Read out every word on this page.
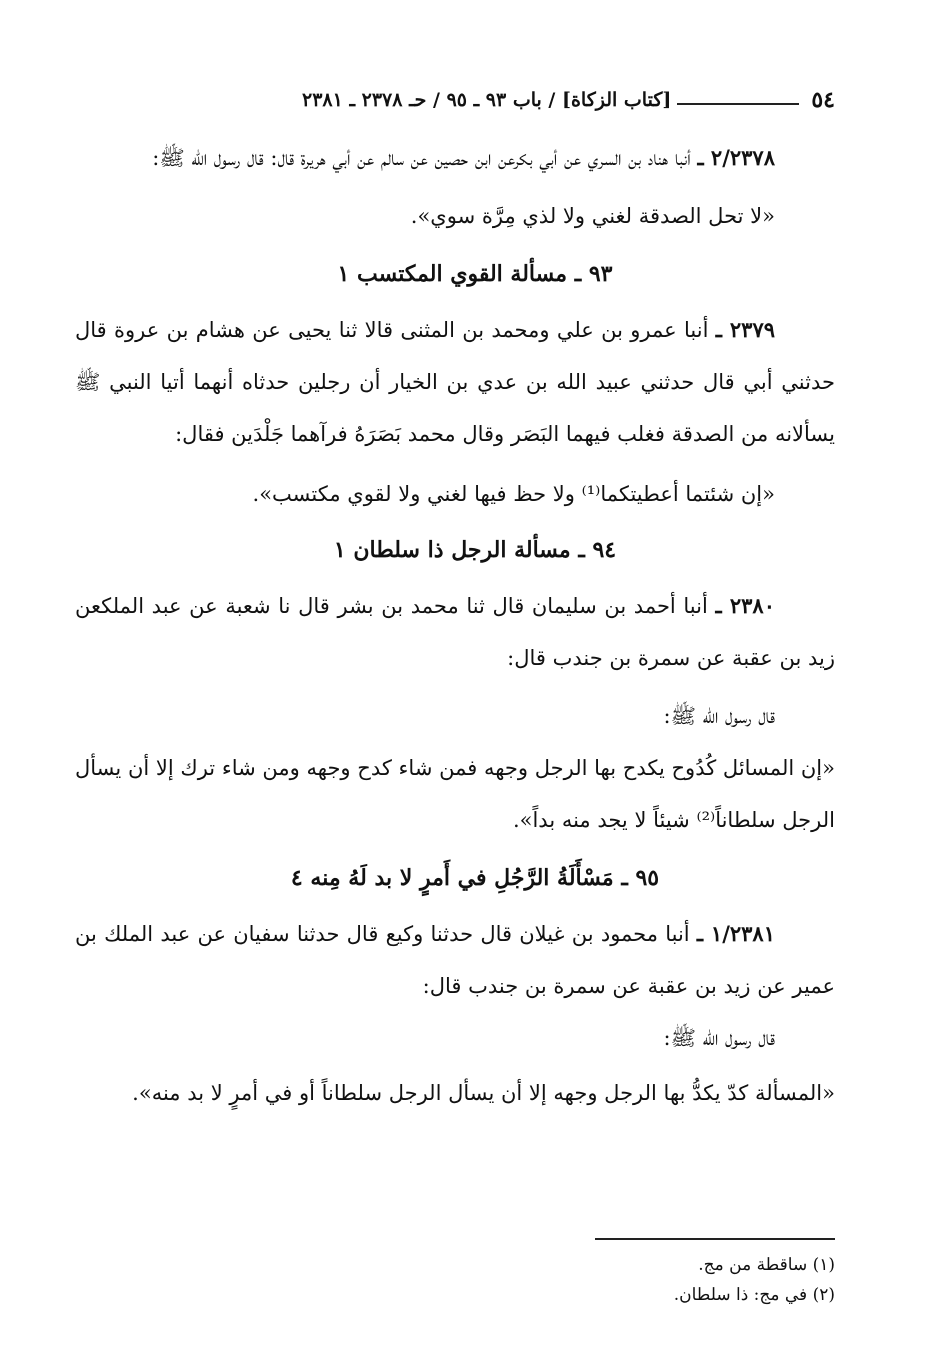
٥٤
[كتاب الزكاة] / باب ٩٣ ـ ٩٥ / حـ ٢٣٧٨ ـ ٢٣٨١

٢/٢٣٧٨ ـ أنبا هناد بن السري عن أبي بكرعن ابن حصين عن سالم عن أبي هريرة قال: قال رسول الله ﷺ:

«لا تحل الصدقة لغني ولا لذي مِرَّة سوي».

٩٣ ـ مسألة القوي المكتسب ١

٢٣٧٩ ـ أنبا عمرو بن علي ومحمد بن المثنى قالا ثنا يحيى عن هشام بن عروة قال حدثني أبي قال حدثني عبيد الله بن عدي بن الخيار أن رجلين حدثاه أنهما أتيا النبي ﷺ يسألانه من الصدقة فغلب فيهما البَصَر وقال محمد بَصَرَهُ فرآهما جَلْدَين فقال:

«إن شئتما أعطيتكما⁽¹⁾ ولا حظ فيها لغني ولا لقوي مكتسب».

٩٤ ـ مسألة الرجل ذا سلطان ١

٢٣٨٠ ـ أنبا أحمد بن سليمان قال ثنا محمد بن بشر قال نا شعبة عن عبد الملكعن زيد بن عقبة عن سمرة بن جندب قال:

قال رسول الله ﷺ:

«إن المسائل كُدُوح يكدح بها الرجل وجهه فمن شاء كدح وجهه ومن شاء ترك إلا أن يسأل الرجل سلطاناً⁽²⁾ شيئاً لا يجد منه بداً».

٩٥ ـ مَسْأَلَةُ الرَّجُلِ في أَمرٍ لا بد لَهُ مِنه ٤

١/٢٣٨١ ـ أنبا محمود بن غيلان قال حدثنا وكيع قال حدثنا سفيان عن عبد الملك بن عمير عن زيد بن عقبة عن سمرة بن جندب قال:

قال رسول الله ﷺ:

«المسألة كدّ يكدُّ بها الرجل وجهه إلا أن يسأل الرجل سلطاناً أو في أمرٍ لا بد منه».

(١) ساقطة من مج.

(٢) في مج: ذا سلطان.
